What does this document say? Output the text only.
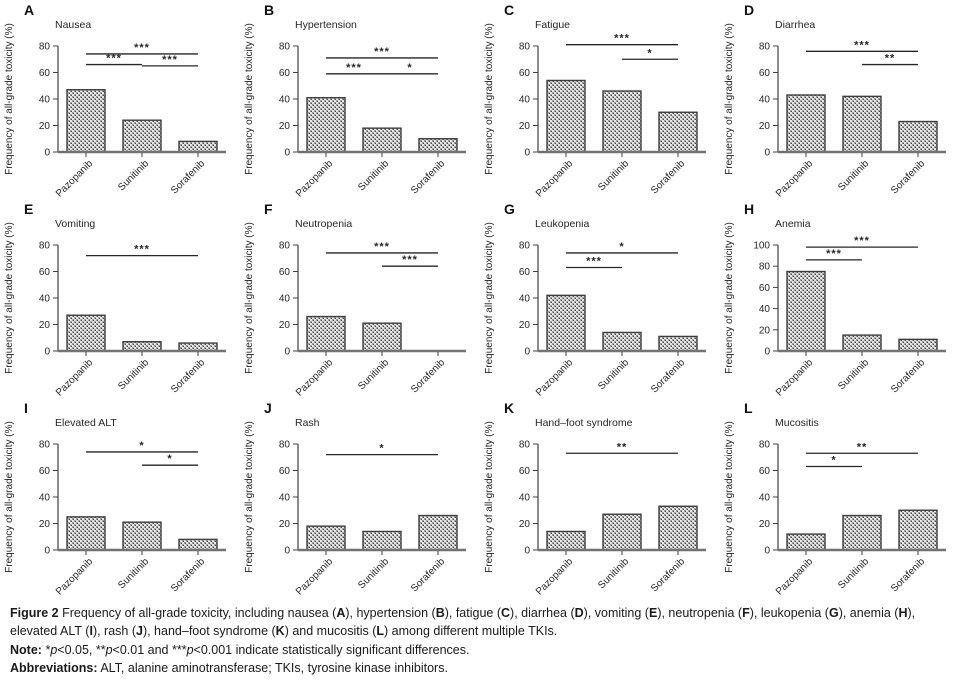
A
Nausea
Frequency of all-grade toxicity (%)	0
20
40
60
80
Pazopanib Sunitinib Sorafenib
***
***	***
B
Hypertension
Frequency of all-grade toxicity (%)	0
20
40
60
80
Pazopanib Sunitinib Sorafenib
***
***	*
C
Fatigue
Frequency of all-grade toxicity (%)	0
20
40
60
80
Pazopanib Sunitinib Sorafenib
***
*
D
Diarrhea
Frequency of all-grade toxicity (%)	0
20
40
60
80
Pazopanib Sunitinib Sorafenib
***
**
E
Vomiting
Frequency of all-grade toxicity (%)	0
20
40
60
80
Pazopanib Sunitinib Sorafenib
***
F
Neutropenia
Frequency of all-grade toxicity (%)	0
20
40
60
80
Pazopanib Sunitinib Sorafenib
***
***
G
Leukopenia
Frequency of all-grade toxicity (%)	0
20
40
60
80
Pazopanib Sunitinib Sorafenib
*
***
H
Anemia
Frequency of all-grade toxicity (%)	0
20
40
60
80
100
Pazopanib Sunitinib Sorafenib
***
***
I
Elevated ALT
Frequency of all-grade toxicity (%)	0
20
40
60
80
Pazopanib Sunitinib Sorafenib
*
*
J
Rash
Frequency of all-grade toxicity (%)	0
20
40
60
80
Pazopanib Sunitinib Sorafenib
*
K
Hand–foot syndrome
Frequency of all-grade toxicity (%)	0
20
40
60
80
Pazopanib Sunitinib Sorafenib
**
L
Mucositis
Frequency of all-grade toxicity (%)	0
20
40
60
80
Pazopanib Sunitinib Sorafenib
**
*

Figure 2 Frequency of all-grade toxicity, including nausea (A), hypertension (B), fatigue (C), diarrhea (D), vomiting (E), neutropenia (F), leukopenia (G), anemia (H), elevated ALT (I), rash (J), hand–foot syndrome (K) and mucositis (L) among different multiple TKIs.

Note: *p<0.05, **p<0.01 and ***p<0.001 indicate statistically significant differences.

Abbreviations: ALT, alanine aminotransferase; TKIs, tyrosine kinase inhibitors.
